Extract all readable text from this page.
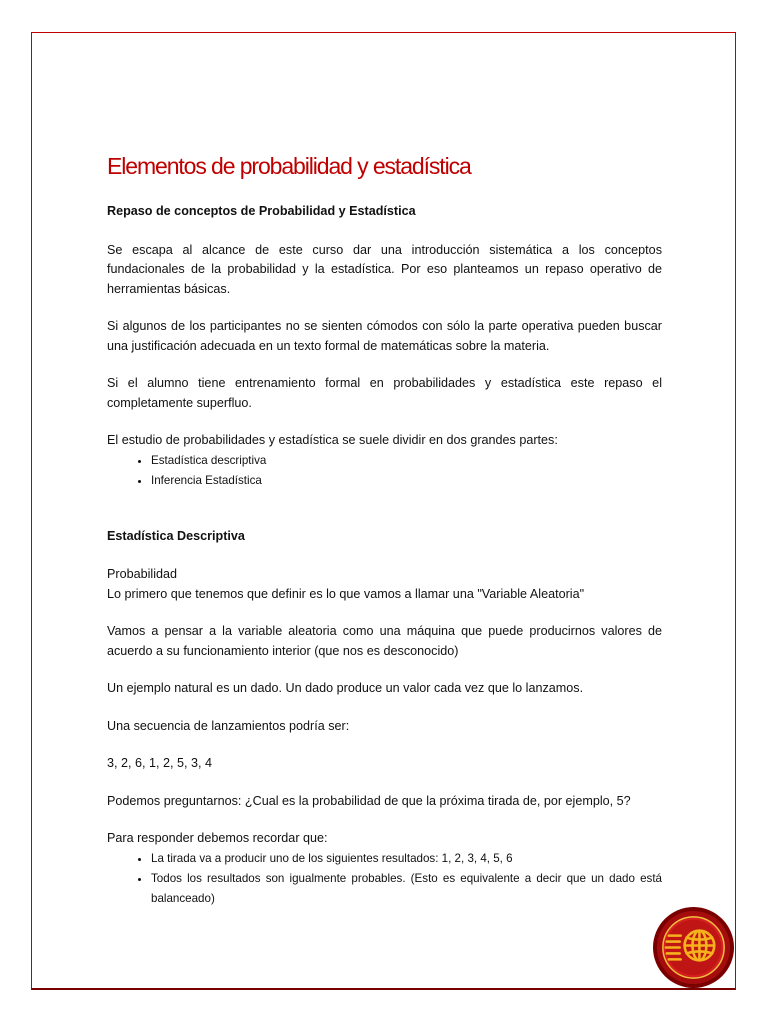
Elementos de probabilidad y estadística
Repaso de conceptos de Probabilidad y Estadística

Se escapa al alcance de este curso dar una introducción sistemática a los conceptos fundacionales de la probabilidad y la estadística. Por eso planteamos un repaso operativo de herramientas básicas.

Si algunos de los participantes no se sienten cómodos con sólo la parte operativa pueden buscar una justificación adecuada en un texto formal de matemáticas sobre la materia.

Si el alumno tiene entrenamiento formal en probabilidades y estadística este repaso el completamente superfluo.

El estudio de probabilidades y estadística se suele dividir en dos grandes partes:

• Estadística descriptiva
• Inferencia Estadística
Estadística Descriptiva
Probabilidad
Lo primero que tenemos que definir es lo que vamos a llamar una "Variable Aleatoria"

Vamos a pensar a la variable aleatoria como una máquina que puede producirnos valores de acuerdo a su funcionamiento interior (que nos es desconocido)

Un ejemplo natural es un dado. Un dado produce un valor cada vez que lo lanzamos.

Una secuencia de lanzamientos podría ser:

3, 2, 6, 1, 2, 5, 3, 4

Podemos preguntarnos: ¿Cual es la probabilidad de que la próxima tirada de, por ejemplo, 5?

Para responder debemos recordar que:

• La tirada va a producir uno de los siguientes resultados: 1, 2, 3, 4, 5, 6
• Todos los resultados son igualmente probables. (Esto es equivalente a decir que un dado está balanceado)
